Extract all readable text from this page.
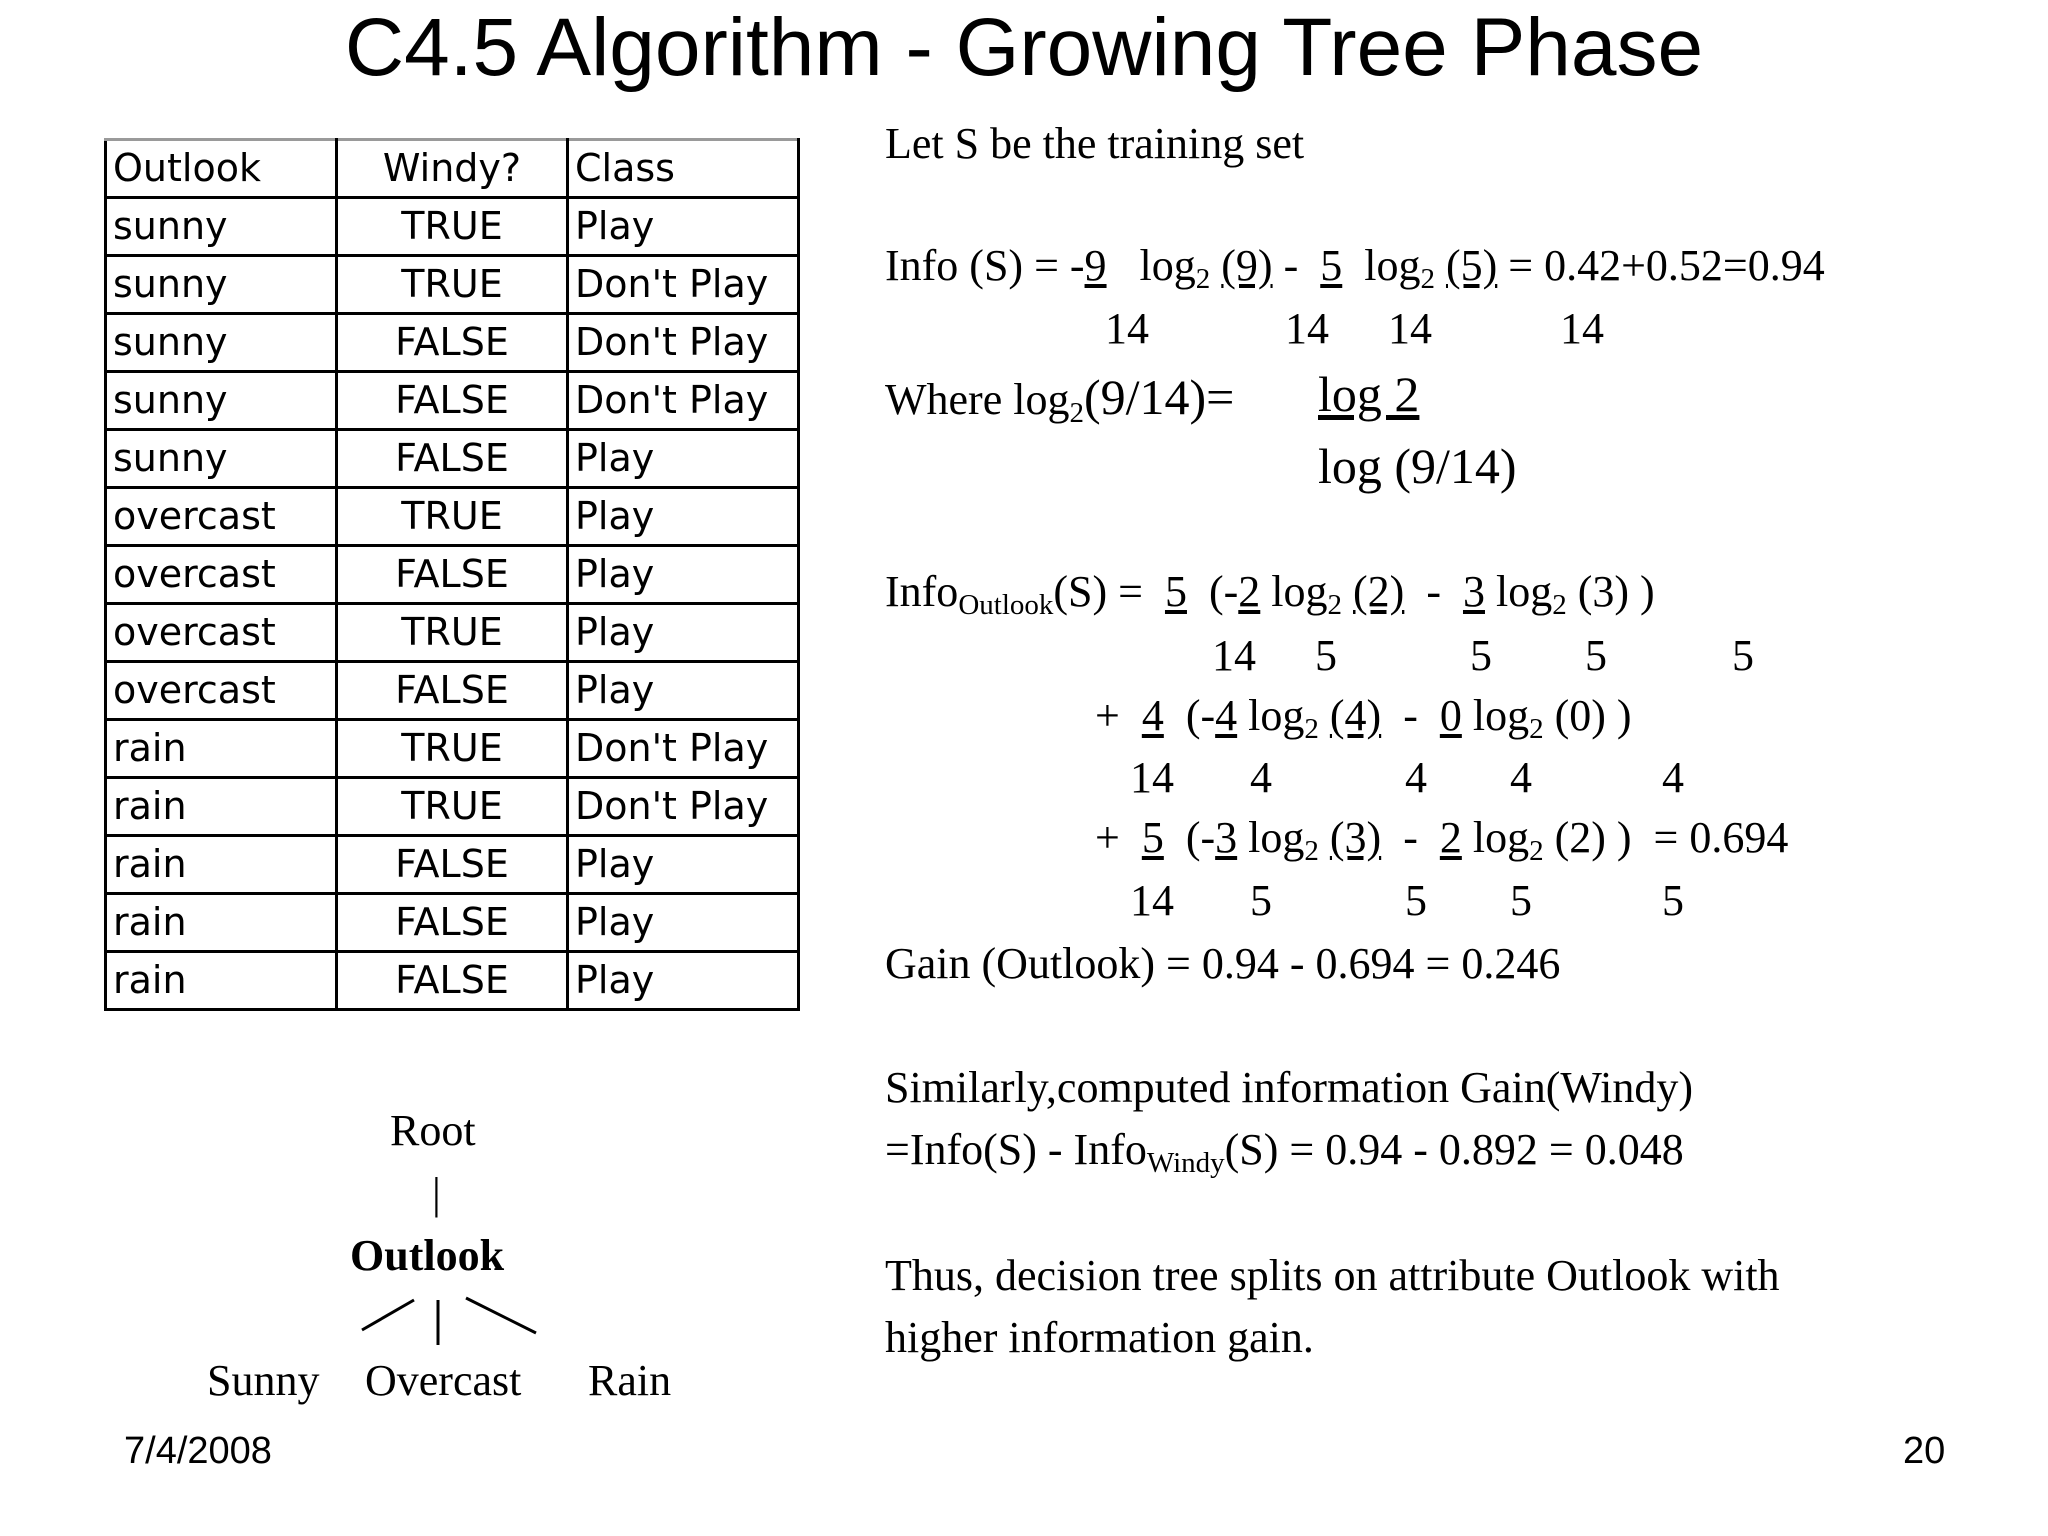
C4.5 Algorithm - Growing Tree Phase
Outlook	Windy?	Class
sunny	TRUE	Play
sunny	TRUE	Don't Play
sunny	FALSE	Don't Play
sunny	FALSE	Don't Play
sunny	FALSE	Play
overcast	TRUE	Play
overcast	FALSE	Play
overcast	TRUE	Play
overcast	FALSE	Play
rain	TRUE	Don't Play
rain	TRUE	Don't Play
rain	FALSE	Play
rain	FALSE	Play
rain	FALSE	Play
Let S be the training set
Info (S) = -9 $\log_2 (9) - 5$ $\log_2 (5) = 0.42+0.52=0.94$
14	14 14	14
Where $\log_2(9/14)= \log 2$
log (9/14)
Info$_{Outlook}$(S) = 5 (-2 $\log_2 (2) - 3$ $\log_2 (3)$ )
14 5	5 5	5
+ 4 (-4 $\log_2 (4) - 0$ $\log_2 (0)$ )
14 4	4 4	4
+ 5 (-3 $\log_2 (3) - 2$ $\log_2 (2)$ ) = 0.694
14 5	5 5	5
Gain (Outlook) = 0.94 - 0.694 = 0.246
Similarly,computed information Gain(Windy)
=Info(S) - Info$_{Windy}$(S) = 0.94 - 0.892 = 0.048
Thus, decision tree splits on attribute Outlook with
higher information gain.
Root
|
Outlook
Sunny Overcast Rain
7/4/2008	20
